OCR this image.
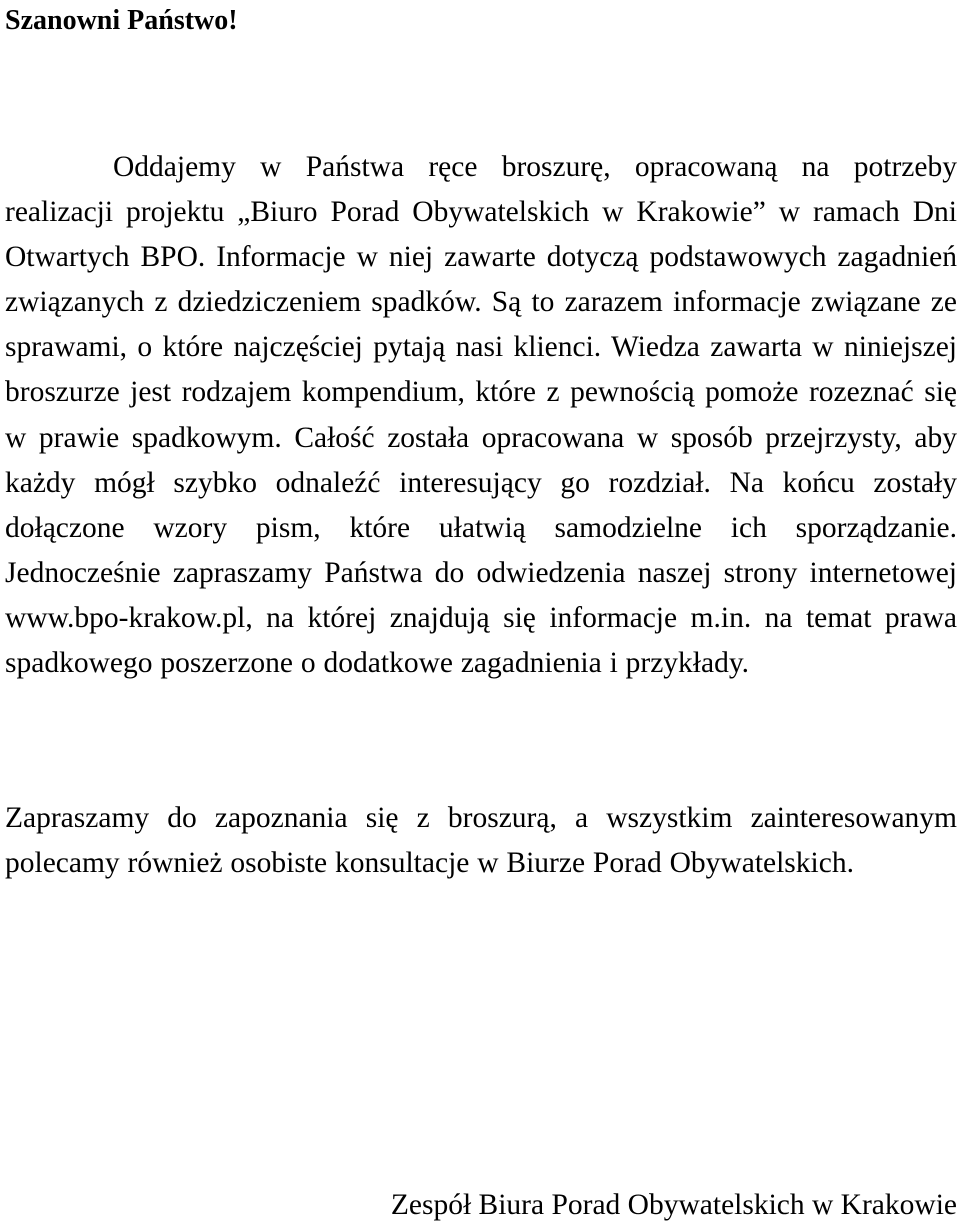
Szanowni Państwo!

Oddajemy w Państwa ręce broszurę, opracowaną na potrzeby realizacji projektu „Biuro Porad Obywatelskich w Krakowie” w ramach Dni Otwartych BPO. Informacje w niej zawarte dotyczą podstawowych zagadnień związanych z dziedziczeniem spadków. Są to zarazem informacje związane ze sprawami, o które najczęściej pytają nasi klienci. Wiedza zawarta w niniejszej broszurze jest rodzajem kompendium, które z pewnością pomoże rozeznać się w prawie spadkowym. Całość została opracowana w sposób przejrzysty, aby każdy mógł szybko odnaleźć interesujący go rozdział. Na końcu zostały dołączone wzory pism, które ułatwią samodzielne ich sporządzanie. Jednocześnie zapraszamy Państwa do odwiedzenia naszej strony internetowej www.bpo-krakow.pl, na której znajdują się informacje m.in. na temat prawa spadkowego poszerzone o dodatkowe zagadnienia i przykłady.

Zapraszamy do zapoznania się z broszurą, a wszystkim zainteresowanym polecamy również osobiste konsultacje w Biurze Porad Obywatelskich.

Zespół Biura Porad Obywatelskich w Krakowie
